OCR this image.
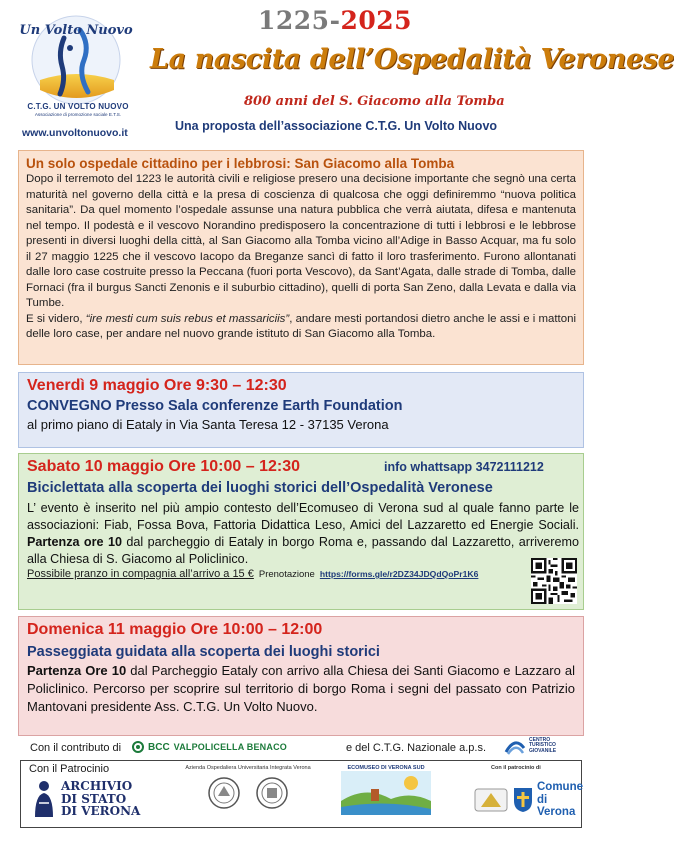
Un Volto Nuovo
C.T.G. UN VOLTO NUOVO
Associazione di promozione sociale E.T.S.
www.unvoltonuovo.it
1225-2025
La nascita dell’Ospedalità Veronese
800 anni del S. Giacomo alla Tomba
Una proposta dell’associazione C.T.G. Un Volto Nuovo
Un solo ospedale cittadino per i lebbrosi: San Giacomo alla Tomba

Dopo il terremoto del 1223 le autorità civili e religiose presero una decisione importante che segnò una certa maturità nel governo della città e la presa di coscienza di qualcosa che oggi definiremmo “nuova politica sanitaria”. Da quel momento l’ospedale assunse una natura pubblica che verrà aiutata, difesa e mantenuta nel tempo. Il podestà e il vescovo Norandino predisposero la concentrazione di tutti i lebbrosi e le lebbrose presenti in diversi luoghi della città, al San Giacomo alla Tomba vicino all’Adige in Basso Acquar, ma fu solo il 27 maggio 1225 che il vescovo Iacopo da Breganze sancì di fatto il loro trasferimento. Furono allontanati dalle loro case costruite presso la Peccana (fuori porta Vescovo), da Sant’Agata, dalle strade di Tomba, dalle Fornaci (fra il burgus Sancti Zenonis e il suburbio cittadino), quelli di porta San Zeno, dalla Levata e dalla via Tumbe.

E si videro, “ire mesti cum suis rebus et massariciis”, andare mesti portandosi dietro anche le assi e i mattoni delle loro case, per andare nel nuovo grande istituto di San Giacomo alla Tomba.

Venerdì 9 maggio Ore 9:30 – 12:30
CONVEGNO Presso Sala conferenze Earth Foundation
al primo piano di Eataly in Via Santa Teresa 12 - 37135 Verona
Sabato 10 maggio Ore 10:00 – 12:30	info whattsapp 3472111212
Biciclettata alla scoperta dei luoghi storici dell’Ospedalità Veronese
L’ evento è inserito nel più ampio contesto dell’Ecomuseo di Verona sud al quale fanno parte le associazioni: Fiab, Fossa Bova, Fattoria Didattica Leso, Amici del Lazzaretto ed Energie Sociali. Partenza ore 10 dal parcheggio di Eataly in borgo Roma e, passando dal Lazzaretto, arriveremo alla Chiesa di S. Giacomo al Policlinico.
Possibile pranzo in compagnia all’arrivo a 15 € Prenotazione https://forms.gle/r2DZ34JDQdQoPr1K6
Domenica 11 maggio Ore 10:00 – 12:00
Passeggiata guidata alla scoperta dei luoghi storici
Partenza Ore 10 dal Parcheggio Eataly con arrivo alla Chiesa dei Santi Giacomo e Lazzaro al Policlinico. Percorso per scoprire sul territorio di borgo Roma i segni del passato con Patrizio Mantovani presidente Ass. C.T.G. Un Volto Nuovo.
Con il contributo di	BCC VALPOLICELLA BENACO	e del C.T.G. Nazionale a.p.s.
CENTRO
TURISTICO
GIOVANILE
Con il Patrocinio
ARCHIVIO
DI STATO
DI VERONA
Azienda Ospedaliera Universitaria Integrata Verona	ECOMUSEO DI VERONA SUD	Con il patrocinio di
Comune
di Verona
